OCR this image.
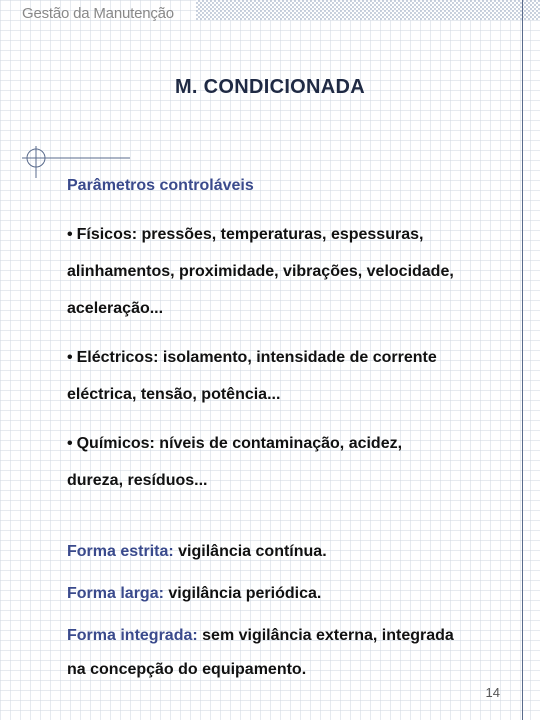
Gestão da Manutenção
M. CONDICIONADA
Parâmetros controláveis

• Físicos: pressões, temperaturas, espessuras,
alinhamentos, proximidade, vibrações, velocidade,
aceleração...

• Eléctricos: isolamento, intensidade de corrente
eléctrica, tensão, potência...

• Químicos: níveis de contaminação, acidez,
dureza, resíduos...

Forma estrita: vigilância contínua.

Forma larga: vigilância periódica.

Forma integrada: sem vigilância externa, integrada
na concepção do equipamento.

14
